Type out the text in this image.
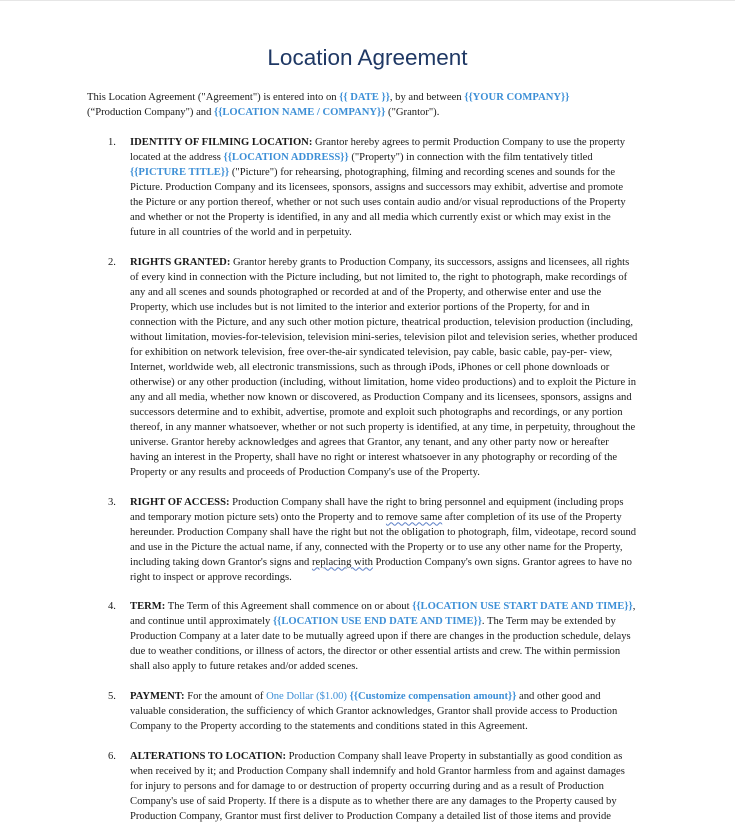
Location Agreement
This Location Agreement ("Agreement") is entered into on {{ DATE }}, by and between {{YOUR COMPANY}}
(“Production Company") and {{LOCATION NAME / COMPANY}} ("Grantor").
1. IDENTITY OF FILMING LOCATION: Grantor hereby agrees to permit Production Company to use the property
located at the address {{LOCATION ADDRESS}} ("Property") in connection with the film tentatively titled
{{PICTURE TITLE}} ("Picture") for rehearsing, photographing, filming and recording scenes and sounds for the
Picture. Production Company and its licensees, sponsors, assigns and successors may exhibit, advertise and promote
the Picture or any portion thereof, whether or not such uses contain audio and/or visual reproductions of the Property
and whether or not the Property is identified, in any and all media which currently exist or which may exist in the
future in all countries of the world and in perpetuity.
2. RIGHTS GRANTED: Grantor hereby grants to Production Company, its successors, assigns and licensees, all rights
of every kind in connection with the Picture including, but not limited to, the right to photograph, make recordings of
any and all scenes and sounds photographed or recorded at and of the Property, and otherwise enter and use the
Property, which use includes but is not limited to the interior and exterior portions of the Property, for and in
connection with the Picture, and any such other motion picture, theatrical production, television production (including,
without limitation, movies-for-television, television mini-series, television pilot and television series, whether produced
for exhibition on network television, free over-the-air syndicated television, pay cable, basic cable, pay-per- view,
Internet, worldwide web, all electronic transmissions, such as through iPods, iPhones or cell phone downloads or
otherwise) or any other production (including, without limitation, home video productions) and to exploit the Picture in
any and all media, whether now known or discovered, as Production Company and its licensees, sponsors, assigns and
successors determine and to exhibit, advertise, promote and exploit such photographs and recordings, or any portion
thereof, in any manner whatsoever, whether or not such property is identified, at any time, in perpetuity, throughout the
universe. Grantor hereby acknowledges and agrees that Grantor, any tenant, and any other party now or hereafter
having an interest in the Property, shall have no right or interest whatsoever in any photography or recording of the
Property or any results and proceeds of Production Company's use of the Property.
3. RIGHT OF ACCESS: Production Company shall have the right to bring personnel and equipment (including props
and temporary motion picture sets) onto the Property and to remove same after completion of its use of the Property
hereunder. Production Company shall have the right but not the obligation to photograph, film, videotape, record sound
and use in the Picture the actual name, if any, connected with the Property or to use any other name for the Property,
including taking down Grantor's signs and replacing with Production Company's own signs. Grantor agrees to have no
right to inspect or approve recordings.
4. TERM: The Term of this Agreement shall commence on or about {{LOCATION USE START DATE AND TIME}},
and continue until approximately {{LOCATION USE END DATE AND TIME}}. The Term may be extended by
Production Company at a later date to be mutually agreed upon if there are changes in the production schedule, delays
due to weather conditions, or illness of actors, the director or other essential artists and crew. The within permission
shall also apply to future retakes and/or added scenes.
5. PAYMENT: For the amount of One Dollar ($1.00) {{Customize compensation amount}} and other good and
valuable consideration, the sufficiency of which Grantor acknowledges, Grantor shall provide access to Production
Company to the Property according to the statements and conditions stated in this Agreement.
6. ALTERATIONS TO LOCATION: Production Company shall leave Property in substantially as good condition as
when received by it; and Production Company shall indemnify and hold Grantor harmless from and against damages
for injury to persons and for damage to or destruction of property occurring during and as a result of Production
Company's use of said Property. If there is a dispute as to whether there are any damages to the Property caused by
Production Company, Grantor must first deliver to Production Company a detailed list of those items and provide
